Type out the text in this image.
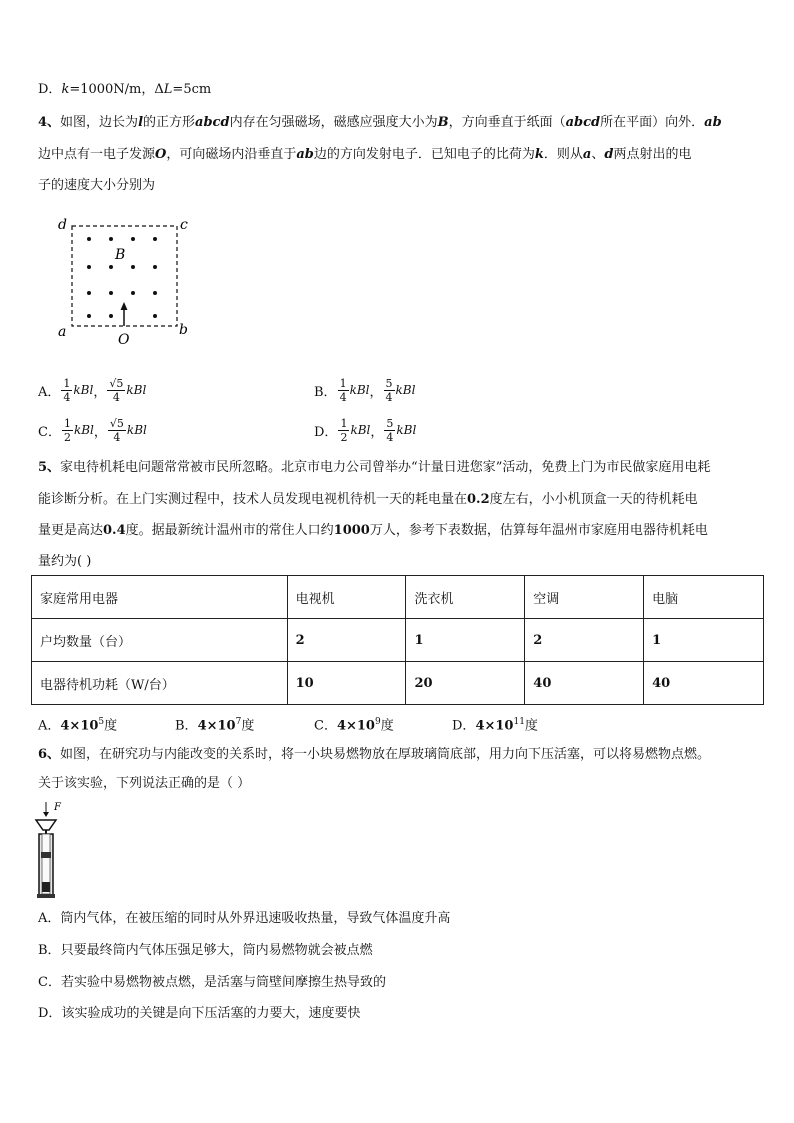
D．k=1000N/m，ΔL=5cm
4、如图，边长为l的正方形abcd内存在匀强磁场，磁感应强度大小为B，方向垂直于纸面（abcd所在平面）向外．ab
边中点有一电子发源O，可向磁场内沿垂直于ab边的方向发射电子．已知电子的比荷为k．则从a、d两点射出的电
子的速度大小分别为
d	c
B
a	b
O
A． $\frac{1}{4}$ kBl ， $\frac{√5}{4}$ kBl	B． $\frac{1}{4}$ kBl ， $\frac{5}{4}$ kBl
C． $\frac{1}{2}$ kBl ， $\frac{√5}{4}$ kBl	D． $\frac{1}{2}$ kBl ， $\frac{5}{4}$ kBl
5、家电待机耗电问题常常被市民所忽略。北京市电力公司曾举办“计量日进您家”活动，免费上门为市民做家庭用电耗
能诊断分析。在上门实测过程中，技术人员发现电视机待机一天的耗电量在0.2度左右，小小机顶盒一天的待机耗电
量更是高达0.4度。据最新统计温州市的常住人口约1000万人，参考下表数据，估算每年温州市家庭用电器待机耗电
量约为( )
家庭常用电器	电视机	洗衣机	空调	电脑
户均数量（台）	2	1	2	1
电器待机功耗（W/台）	10	20	40	40
A．$4\times 10^5$度	B．$4\times 10^7$度	C．$4\times 10^9$度	D．$4\times 10^{11}$度
6、如图，在研究功与内能改变的关系时，将一小块易燃物放在厚玻璃筒底部，用力向下压活塞，可以将易燃物点燃。
关于该实验，下列说法正确的是（ ）
F
A．筒内气体，在被压缩的同时从外界迅速吸收热量，导致气体温度升高
B．只要最终筒内气体压强足够大，筒内易燃物就会被点燃
C．若实验中易燃物被点燃，是活塞与筒壁间摩擦生热导致的
D．该实验成功的关键是向下压活塞的力要大，速度要快
